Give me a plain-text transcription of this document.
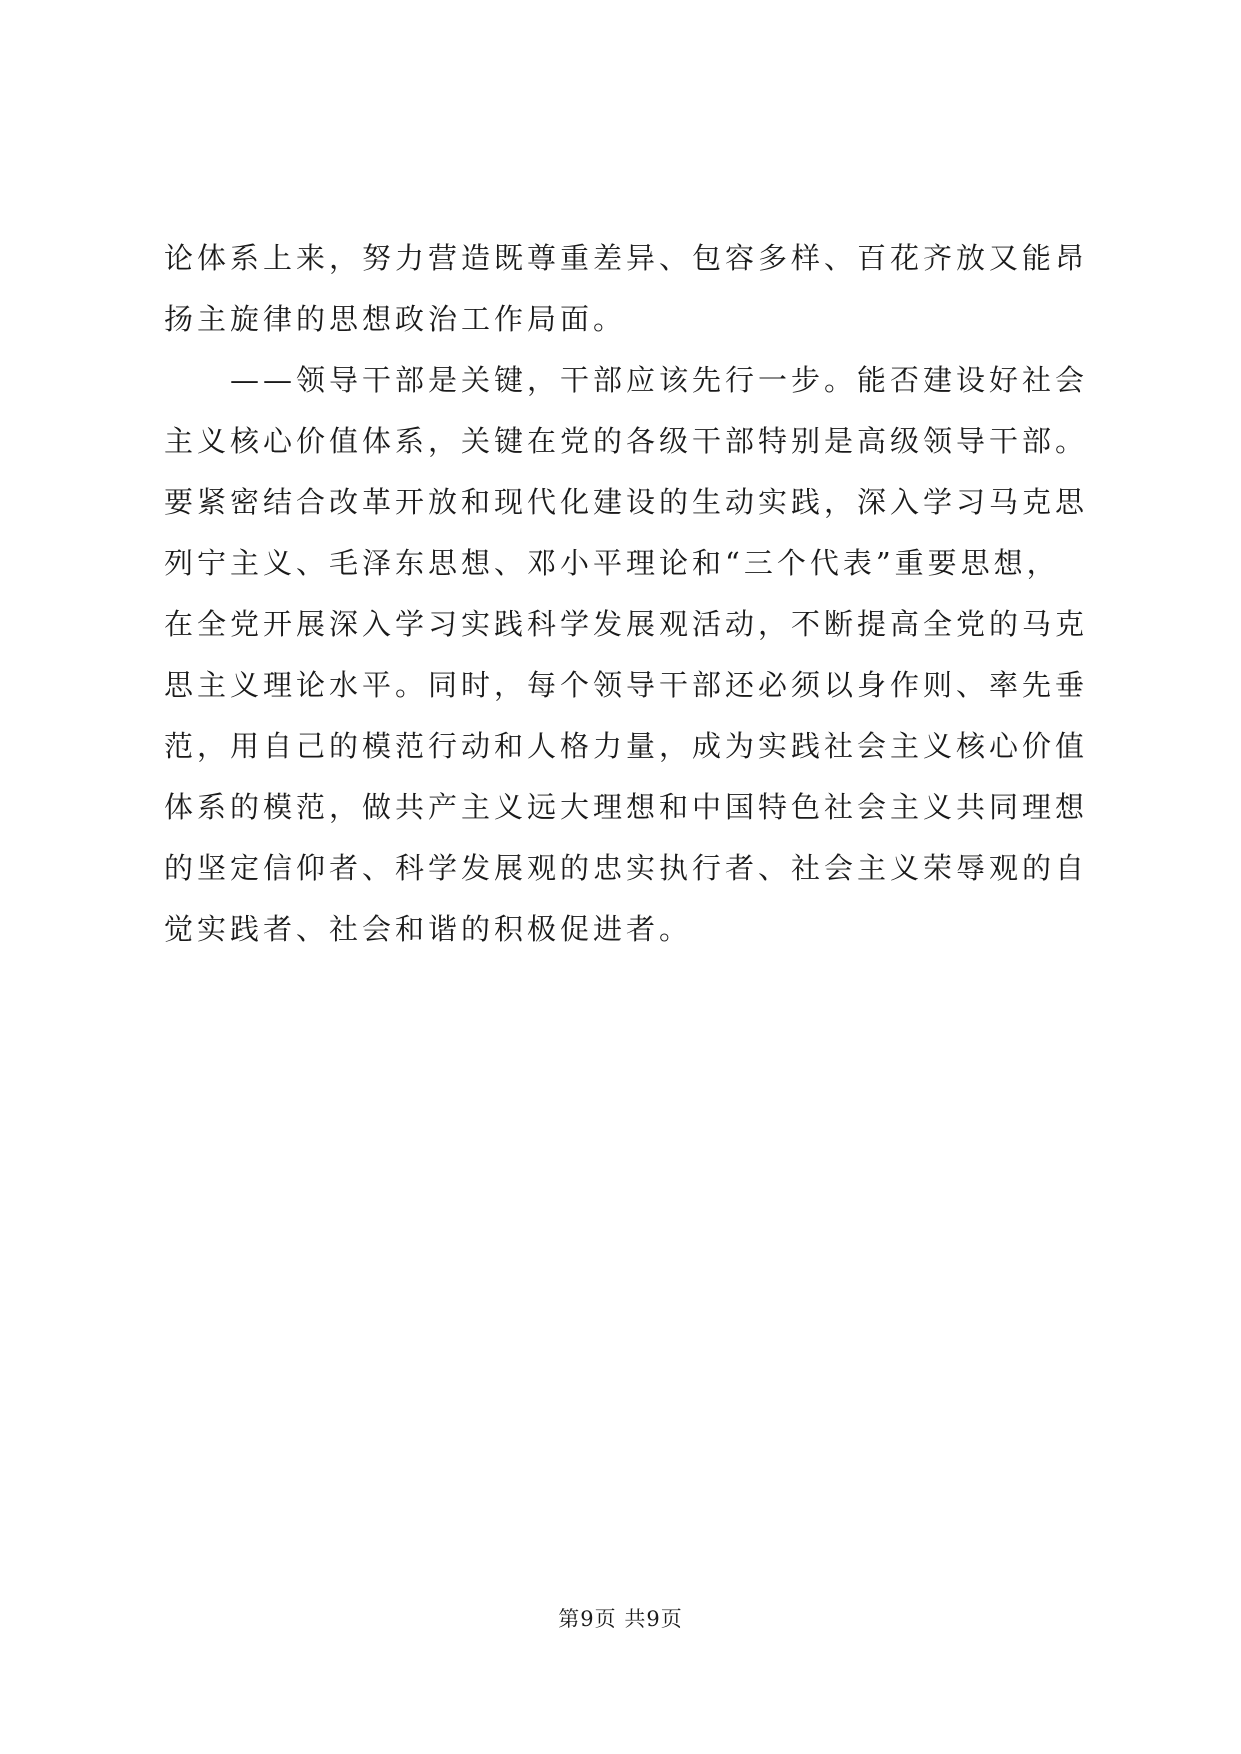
论体系上来，努力营造既尊重差异、包容多样、百花齐放又能昂
扬主旋律的思想政治工作局面。
——领导干部是关键，干部应该先行一步。能否建设好社会
主义核心价值体系，关键在党的各级干部特别是高级领导干部。
要紧密结合改革开放和现代化建设的生动实践，深入学习马克思
列宁主义、毛泽东思想、邓小平理论和“三个代表”重要思想，
在全党开展深入学习实践科学发展观活动，不断提高全党的马克
思主义理论水平。同时，每个领导干部还必须以身作则、率先垂
范，用自己的模范行动和人格力量，成为实践社会主义核心价值
体系的模范，做共产主义远大理想和中国特色社会主义共同理想
的坚定信仰者、科学发展观的忠实执行者、社会主义荣辱观的自
觉实践者、社会和谐的积极促进者。
第9页 共9页
